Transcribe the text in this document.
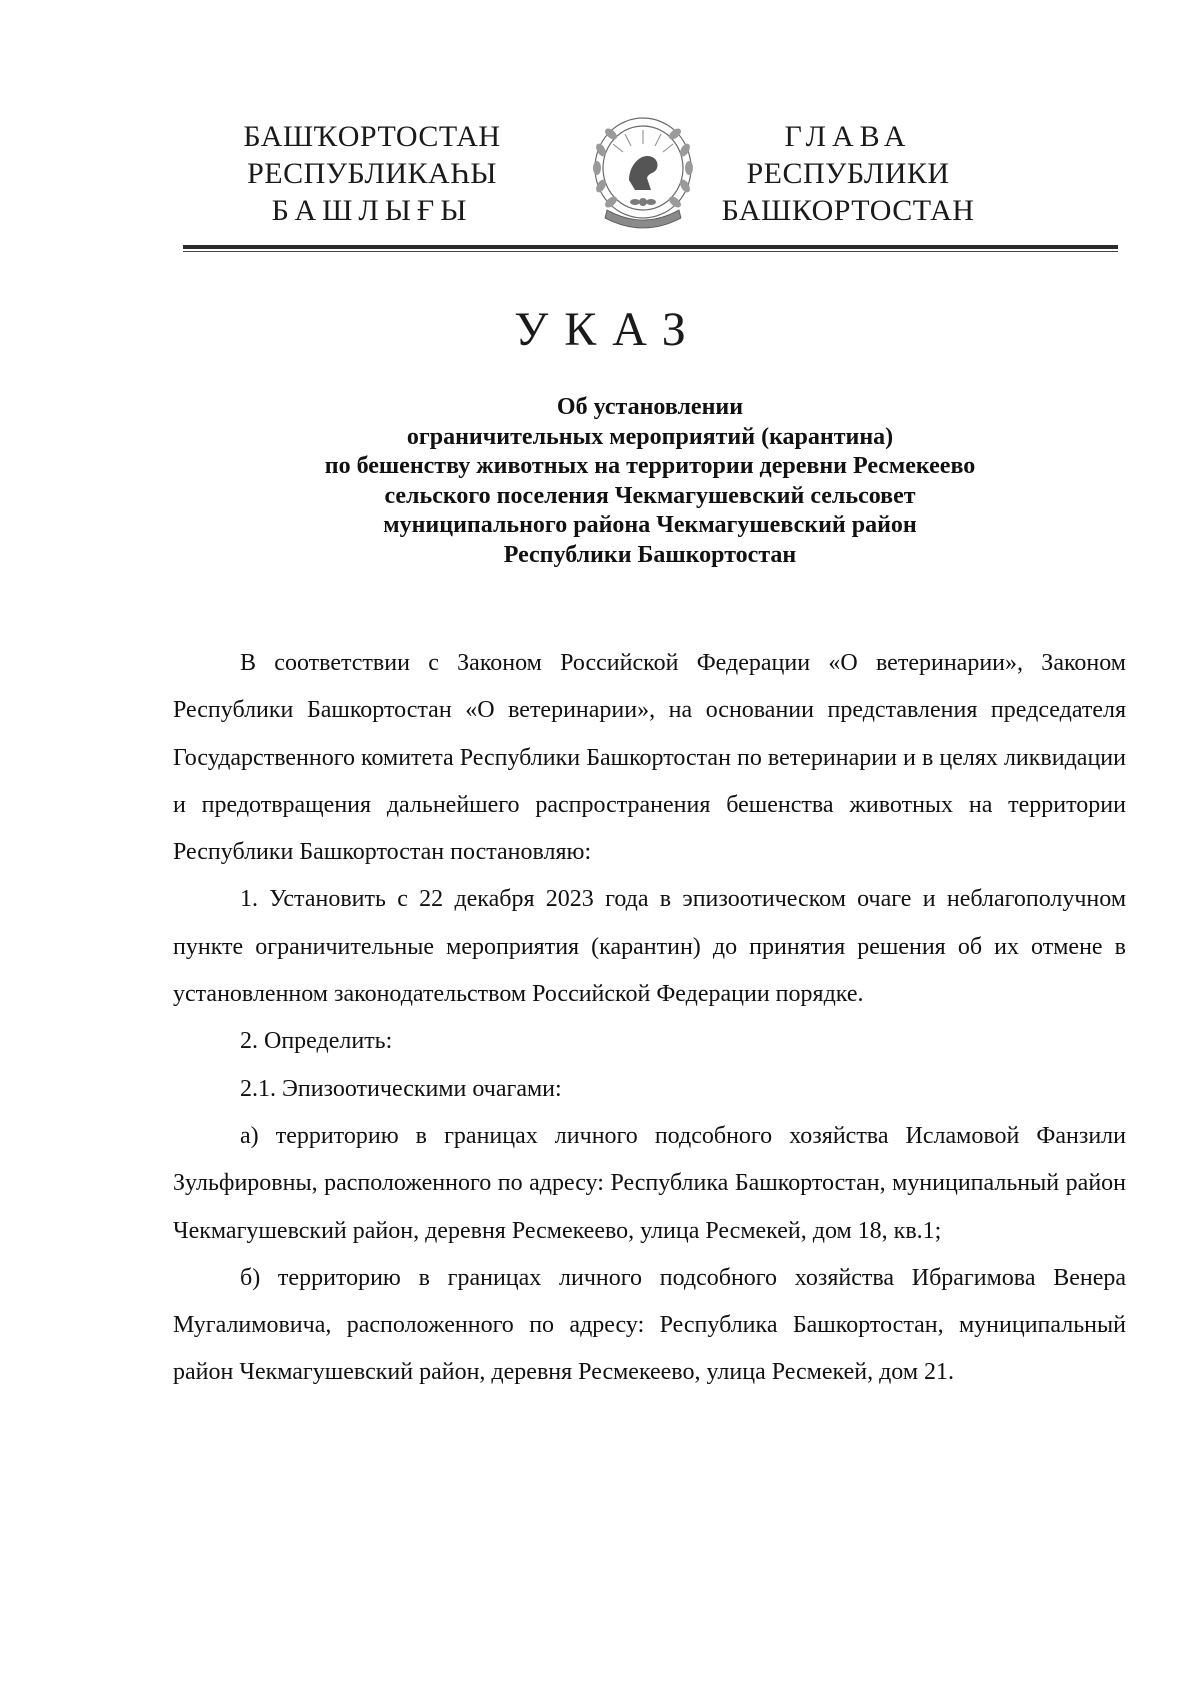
БАШҠОРТОСТАН
РЕСПУБЛИКАҺЫ
БАШЛЫҒЫ
ГЛАВА
РЕСПУБЛИКИ
БАШКОРТОСТАН
УКАЗ
Об установлении
ограничительных мероприятий (карантина)
по бешенству животных на территории деревни Ресмекеево
сельского поселения Чекмагушевский сельсовет
муниципального района Чекмагушевский район
Республики Башкортостан

В соответствии с Законом Российской Федерации «О ветеринарии», Законом Республики Башкортостан «О ветеринарии», на основании представления председателя Государственного комитета Республики Башкортостан по ветеринарии и в целях ликвидации и предотвращения дальнейшего распространения бешенства животных на территории Республики Башкортостан постановляю:

1. Установить с 22 декабря 2023 года в эпизоотическом очаге и неблагополучном пункте ограничительные мероприятия (карантин) до принятия решения об их отмене в установленном законодательством Российской Федерации порядке.

2. Определить:

2.1. Эпизоотическими очагами:

а) территорию в границах личного подсобного хозяйства Исламовой Фанзили Зульфировны, расположенного по адресу: Республика Башкортостан, муниципальный район Чекмагушевский район, деревня Ресмекеево, улица Ресмекей, дом 18, кв.1;

б) территорию в границах личного подсобного хозяйства Ибрагимова Венера Мугалимовича, расположенного по адресу: Республика Башкортостан, муниципальный район Чекмагушевский район, деревня Ресмекеево, улица Ресмекей, дом 21.
